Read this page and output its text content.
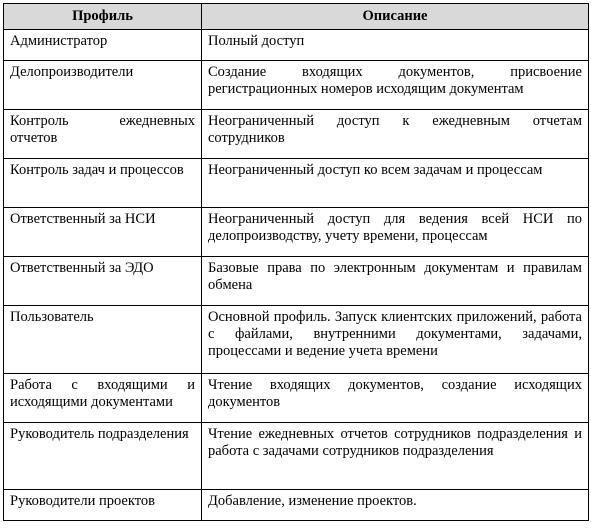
Профиль	Описание
Администратор	Полный доступ
Делопроизводители	Создание входящих документов, присвоение регистрационных номеров исходящим документам
Контроль ежедневных отчетов	Неограниченный доступ к ежедневным отчетам сотрудников
Контроль задач и процессов	Неограниченный доступ ко всем задачам и процессам
Ответственный за НСИ	Неограниченный доступ для ведения всей НСИ по делопроизводству, учету времени, процессам
Ответственный за ЭДО	Базовые права по электронным документам и правилам обмена
Пользователь	Основной профиль. Запуск клиентских приложений, работа с файлами, внутренними документами, задачами, процессами и ведение учета времени
Работа с входящими и исходящими документами	Чтение входящих документов, создание исходящих документов
Руководитель подразделения	Чтение ежедневных отчетов сотрудников подразделения и работа с задачами сотрудников подразделения
Руководители проектов	Добавление, изменение проектов.
